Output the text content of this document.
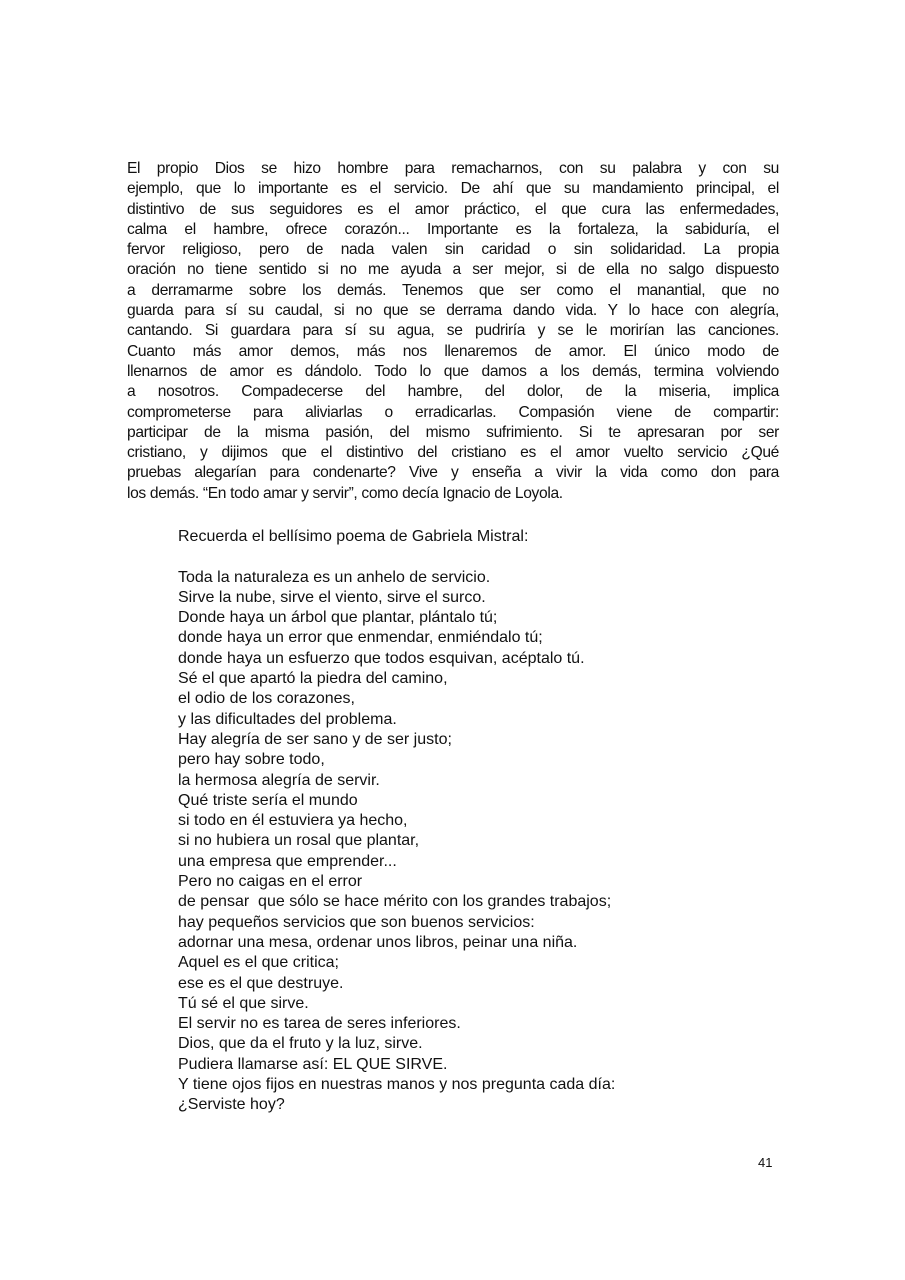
El propio Dios se hizo hombre para remacharnos, con su palabra y con su
ejemplo, que lo importante es el servicio. De ahí que su mandamiento principal, el
distintivo de sus seguidores es el amor práctico, el que cura las enfermedades,
calma el hambre, ofrece corazón... Importante es la fortaleza, la sabiduría, el
fervor religioso, pero de nada valen sin caridad o sin solidaridad. La propia
oración no tiene sentido si no me ayuda a ser mejor, si de ella no salgo dispuesto
a derramarme sobre los demás. Tenemos que ser como el manantial, que no
guarda para sí su caudal, si no que se derrama dando vida. Y lo hace con alegría,
cantando. Si guardara para sí su agua, se pudriría y se le morirían las canciones.
Cuanto más amor demos, más nos llenaremos de amor. El único modo de
llenarnos de amor es dándolo. Todo lo que damos a los demás, termina volviendo
a nosotros. Compadecerse del hambre, del dolor, de la miseria, implica
comprometerse para aliviarlas o erradicarlas. Compasión viene de compartir:
participar de la misma pasión, del mismo sufrimiento. Si te apresaran por ser
cristiano, y dijimos que el distintivo del cristiano es el amor vuelto servicio ¿Qué
pruebas alegarían para condenarte? Vive y enseña a vivir la vida como don para
los demás. “En todo amar y servir”, como decía Ignacio de Loyola.
Recuerda el bellísimo poema de Gabriela Mistral:
Toda la naturaleza es un anhelo de servicio.
Sirve la nube, sirve el viento, sirve el surco.
Donde haya un árbol que plantar, plántalo tú;
donde haya un error que enmendar, enmiéndalo tú;
donde haya un esfuerzo que todos esquivan, acéptalo tú.
Sé el que apartó la piedra del camino,
el odio de los corazones,
y las dificultades del problema.
Hay alegría de ser sano y de ser justo;
pero hay sobre todo,
la hermosa alegría de servir.
Qué triste sería el mundo
si todo en él estuviera ya hecho,
si no hubiera un rosal que plantar,
una empresa que emprender...
Pero no caigas en el error
de pensar  que sólo se hace mérito con los grandes trabajos;
hay pequeños servicios que son buenos servicios:
adornar una mesa, ordenar unos libros, peinar una niña.
Aquel es el que critica;
ese es el que destruye.
Tú sé el que sirve.
El servir no es tarea de seres inferiores.
Dios, que da el fruto y la luz, sirve.
Pudiera llamarse así: EL QUE SIRVE.
Y tiene ojos fijos en nuestras manos y nos pregunta cada día:
¿Serviste hoy?
41
